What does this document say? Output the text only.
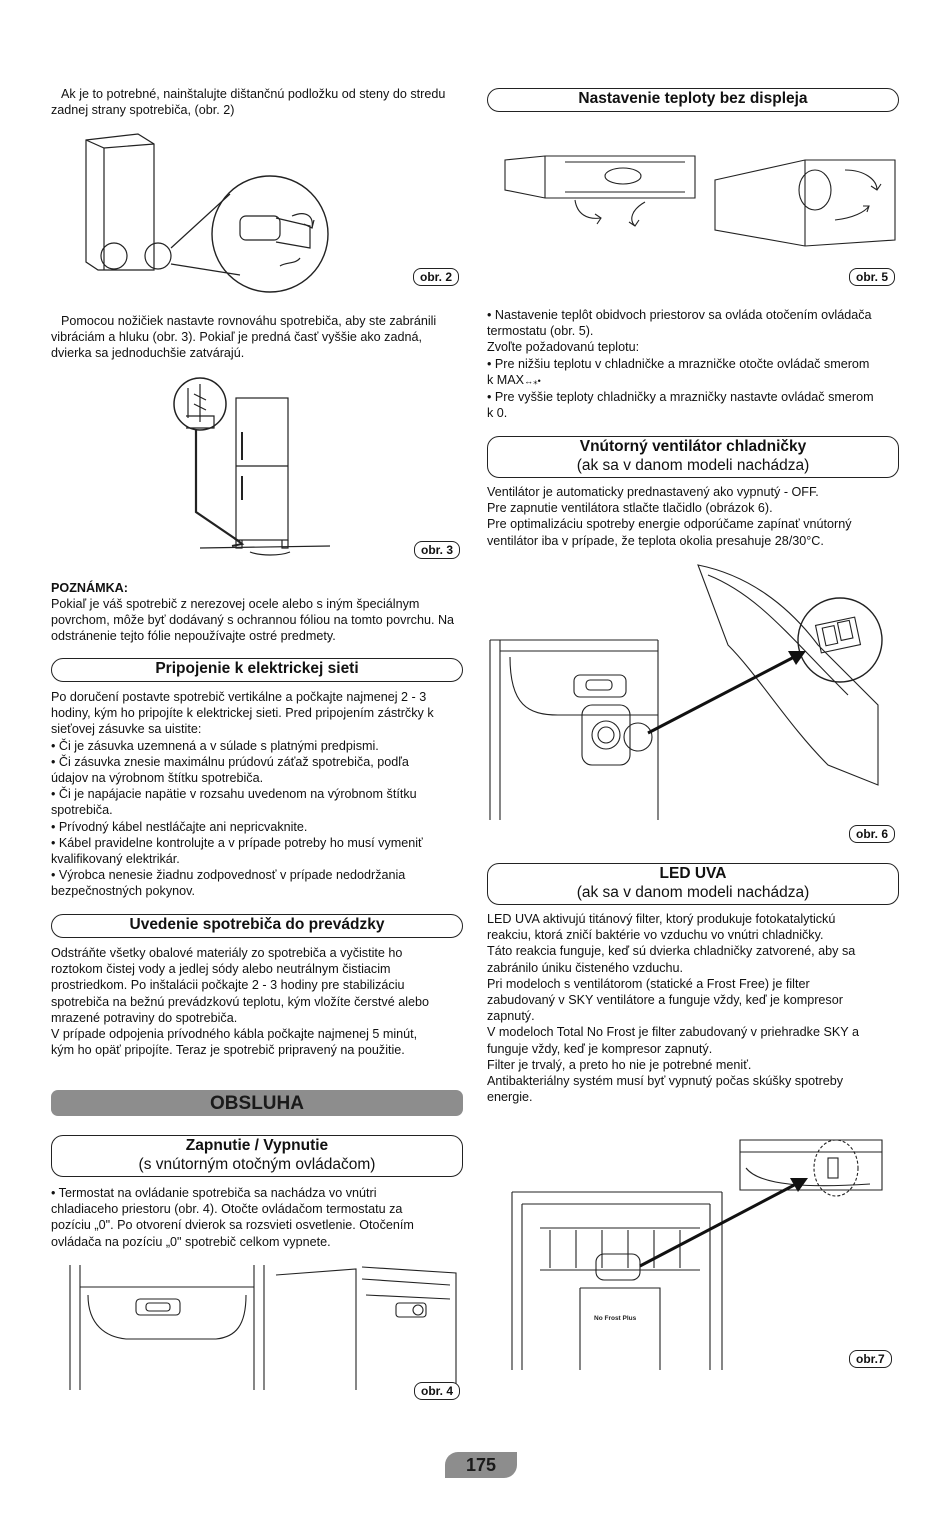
Ak je to potrebné, nainštalujte dištančnú podložku od steny do stredu zadnej strany spotrebiča, (obr. 2)

obr. 2

Pomocou nožičiek nastavte rovnováhu spotrebiča, aby ste zabránili vibráciám a hluku (obr. 3). Pokiaľ je predná časť vyššie ako zadná, dvierka sa jednoduchšie zatvárajú.

obr. 3

POZNÁMKA:

Pokiaľ je váš spotrebič z nerezovej ocele alebo s iným špeciálnym povrchom, môže byť dodávaný s ochrannou fóliou na tomto povrchu. Na odstránenie tejto fólie nepoužívajte ostré predmety.

Pripojenie k elektrickej sieti

Po doručení postavte spotrebič vertikálne a počkajte najmenej 2 - 3

hodiny, kým ho pripojíte k elektrickej sieti. Pred pripojením zástrčky k

sieťovej zásuvke sa uistite:

• Či je zásuvka uzemnená a v súlade s platnými predpismi.

• Či zásuvka znesie maximálnu prúdovú záťaž spotrebiča, podľa

údajov na výrobnom štítku spotrebiča.

• Či je napájacie napätie v rozsahu uvedenom na výrobnom štítku

spotrebiča.

• Prívodný kábel nestláčajte ani nepricvaknite.

• Kábel pravidelne kontrolujte a v prípade potreby ho musí vymeniť

kvalifikovaný elektrikár.

• Výrobca nenesie žiadnu zodpovednosť v prípade nedodržania

bezpečnostných pokynov.

Uvedenie spotrebiča do prevádzky

Odstráňte všetky obalové materiály zo spotrebiča a vyčistite ho

roztokom čistej vody a jedlej sódy alebo neutrálnym čistiacim

prostriedkom. Po inštalácii počkajte 2 - 3 hodiny pre stabilizáciu

spotrebiča na bežnú prevádzkovú teplotu, kým vložíte čerstvé alebo

mrazené potraviny do spotrebiča.

V prípade odpojenia prívodného kábla počkajte najmenej 5 minút,

kým ho opäť pripojíte. Teraz je spotrebič pripravený na použitie.

OBSLUHA
Zapnutie / Vypnutie
(s vnútorným otočným ovládačom)

• Termostat na ovládanie spotrebiča sa nachádza vo vnútri

chladiaceho priestoru (obr. 4). Otočte ovládačom termostatu za

pozíciu „0". Po otvorení dvierok sa rozsvieti osvetlenie. Otočením

ovládača na pozíciu „0" spotrebič celkom vypnete.

obr. 4
Nastavenie teploty bez displeja
obr. 5

• Nastavenie teplôt obidvoch priestorov sa ovláda otočením ovládača

termostatu (obr. 5).

Zvoľte požadovanú teplotu:

• Pre nižšiu teplotu v chladničke a mrazničke otočte ovládač smerom

k MAX↔⁎•

• Pre vyššie teploty chladničky a mrazničky nastavte ovládač smerom

k 0.

Vnútorný ventilátor chladničky
(ak sa v danom modeli nachádza)

Ventilátor je automaticky prednastavený ako vypnutý - OFF.

Pre zapnutie ventilátora stlačte tlačidlo (obrázok 6).

Pre optimalizáciu spotreby energie odporúčame zapínať vnútorný

ventilátor iba v prípade, že teplota okolia presahuje 28/30°C.

obr. 6
LED UVA
(ak sa v danom modeli nachádza)

LED UVA aktivujú titánový filter, ktorý produkuje fotokatalytickú

reakciu, ktorá zničí baktérie vo vzduchu vo vnútri chladničky.

Táto reakcia funguje, keď sú dvierka chladničky zatvorené, aby sa

zabránilo úniku čisteného vzduchu.

Pri modeloch s ventilátorom (statické a Frost Free) je filter

zabudovaný v SKY ventilátore a funguje vždy, keď je kompresor

zapnutý.

V modeloch Total No Frost je filter zabudovaný v priehradke SKY a

funguje vždy, keď je kompresor zapnutý.

Filter je trvalý, a preto ho nie je potrebné meniť.

Antibakteriálny systém musí byť vypnutý počas skúšky spotreby

energie.

No Frost Plus
obr.7
175
